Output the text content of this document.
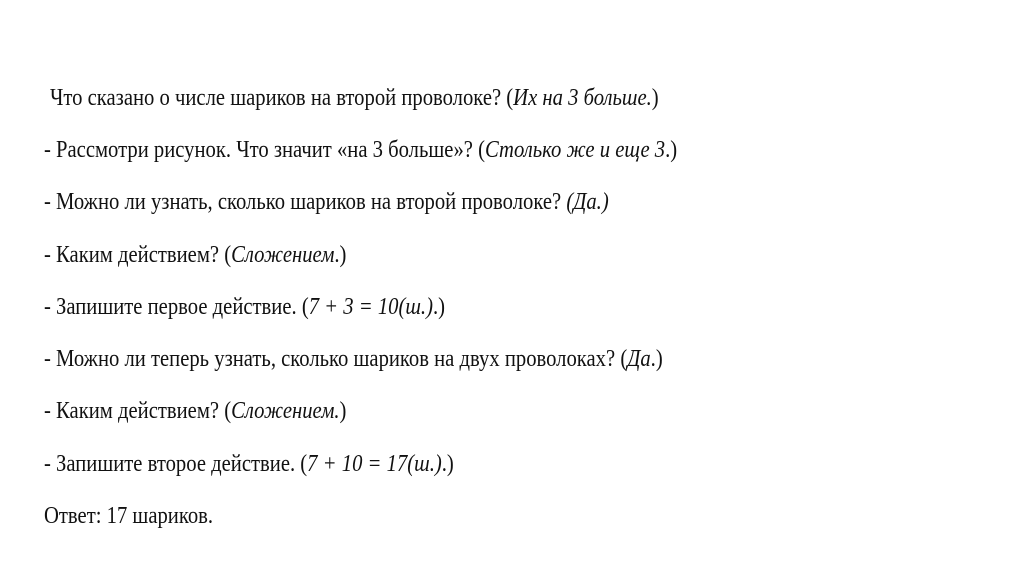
Что сказано о числе шариков на второй проволоке? (Их на 3 больше.)
- Рассмотри рисунок. Что значит «на 3 больше»? (Столько же и еще 3.)
- Можно ли узнать, сколько шариков на второй проволоке? (Да.)
- Каким действием? (Сложением.)
- Запишите первое действие. (7 + 3 = 10(ш.).)
- Можно ли теперь узнать, сколько шариков на двух проволоках? (Да.)
- Каким действием? (Сложением.)
- Запишите второе действие. (7 + 10 = 17(ш.).)
Ответ: 17 шариков.
